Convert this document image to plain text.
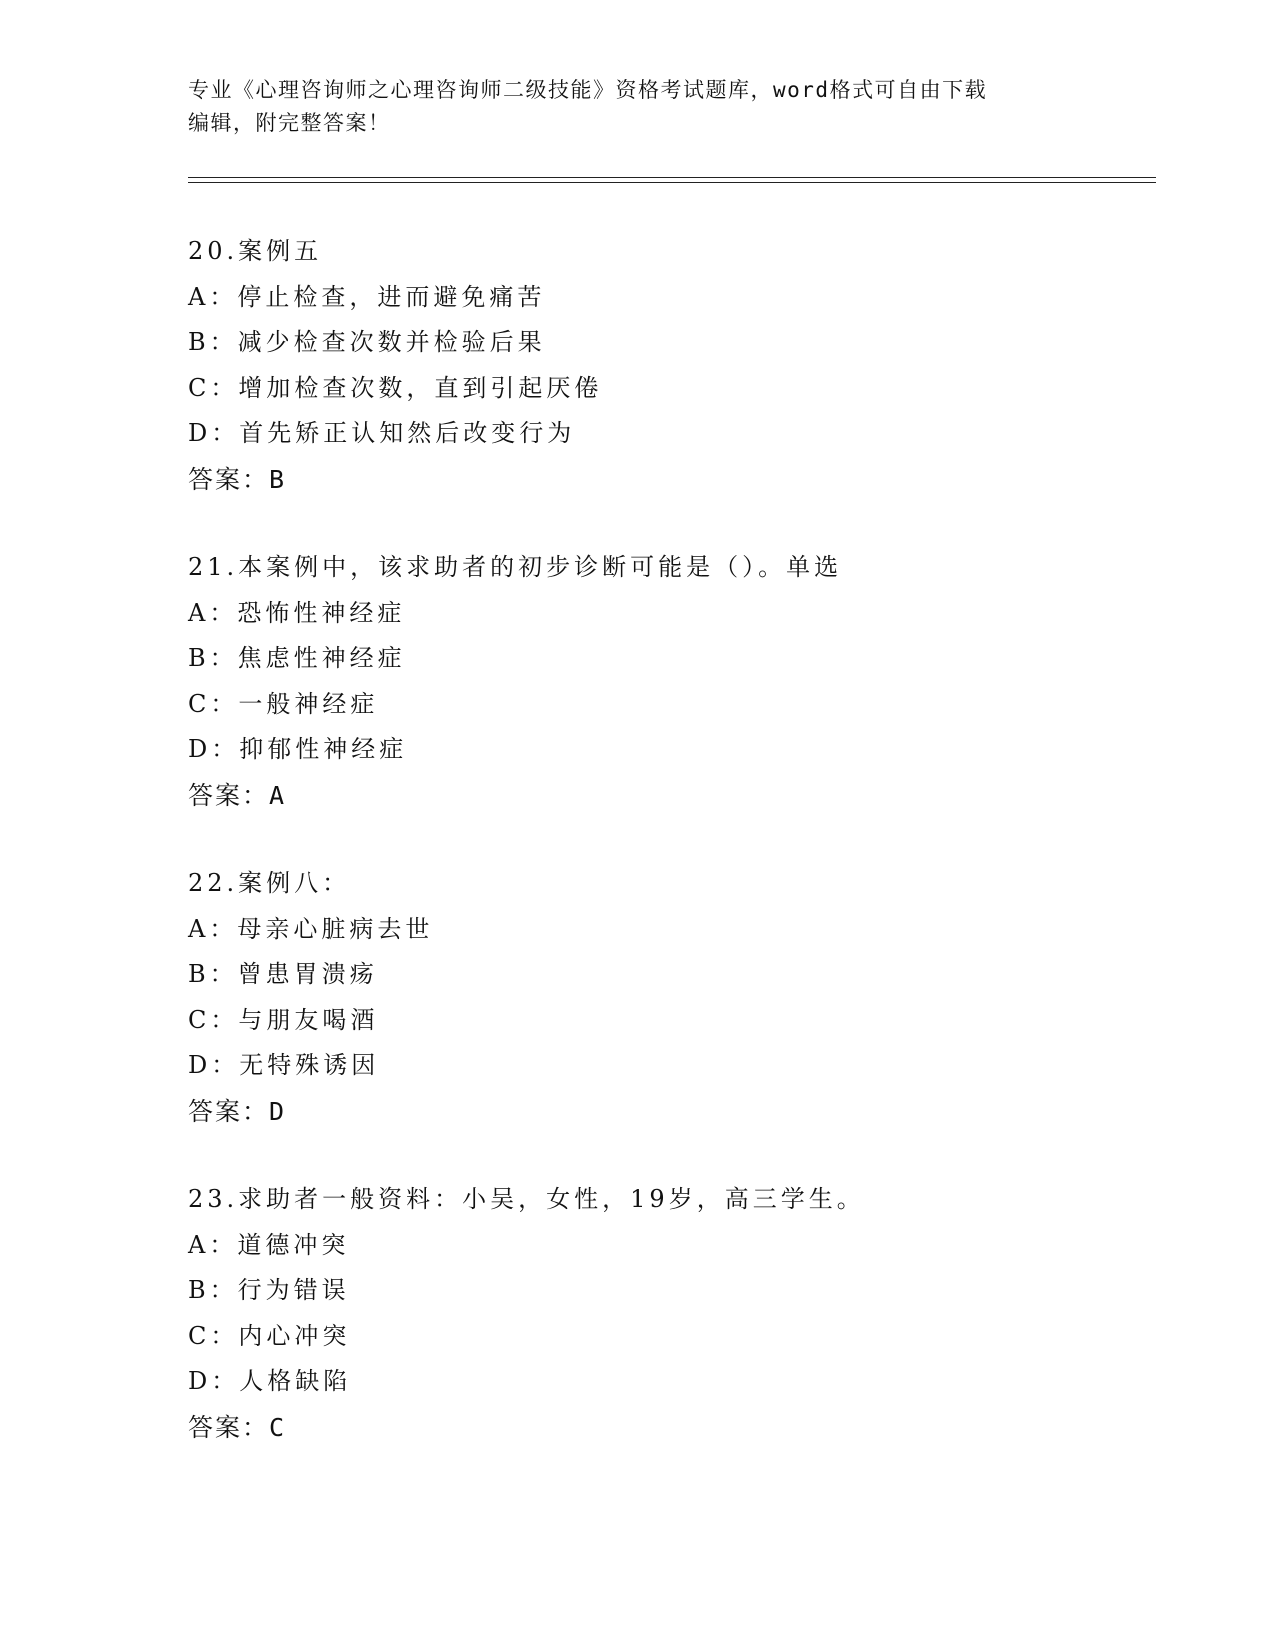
专业《心理咨询师之心理咨询师二级技能》资格考试题库，word格式可自由下载
编辑，附完整答案！
20.案例五
A：停止检查，进而避免痛苦
B：减少检查次数并检验后果
C：增加检查次数，直到引起厌倦
D：首先矫正认知然后改变行为
答案：B
21.本案例中，该求助者的初步诊断可能是（）。单选
A：恐怖性神经症
B：焦虑性神经症
C：一般神经症
D：抑郁性神经症
答案：A
22.案例八：
A：母亲心脏病去世
B：曾患胃溃疡
C：与朋友喝酒
D：无特殊诱因
答案：D
23.求助者一般资料：小吴，女性，19岁，高三学生。
A：道德冲突
B：行为错误
C：内心冲突
D：人格缺陷
答案：C
